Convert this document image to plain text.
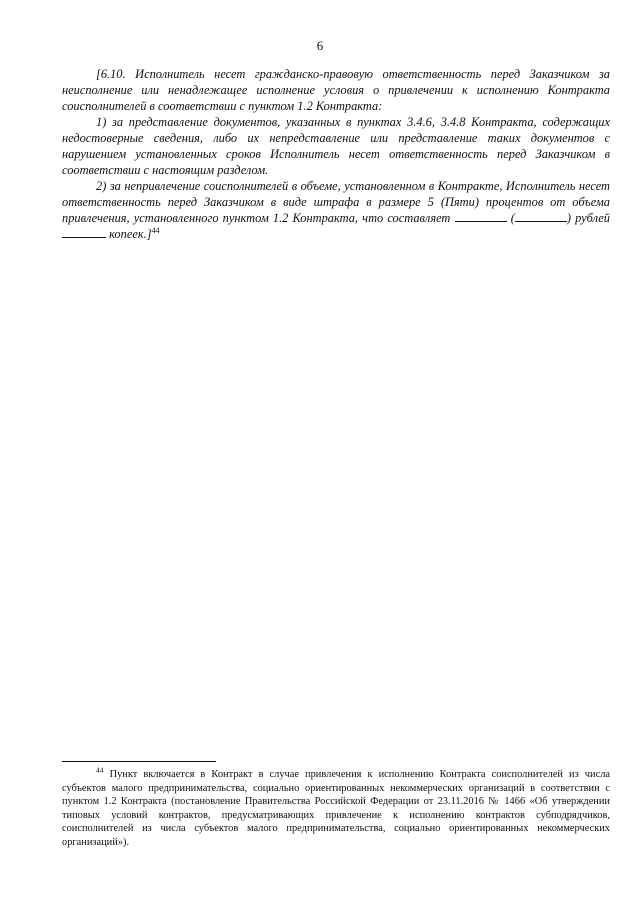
6

[6.10. Исполнитель несет гражданско-правовую ответственность перед Заказчиком за неисполнение или ненадлежащее исполнение условия о привлечении к исполнению Контракта соисполнителей в соответствии с пунктом 1.2 Контракта:

1) за представление документов, указанных в пунктах 3.4.6, 3.4.8 Контракта, содержащих недостоверные сведения, либо их непредставление или представление таких документов с нарушением установленных сроков Исполнитель несет ответственность перед Заказчиком в соответствии с настоящим разделом.

2) за непривлечение соисполнителей в объеме, установленном в Контракте, Исполнитель несет ответственность перед Заказчиком в виде штрафа в размере 5 (Пяти) процентов от объема привлечения, установленного пунктом 1.2 Контракта, что составляет	(	) рублей  копеек.]$^{44}$

$^{44}$ Пункт включается в Контракт в случае привлечения к исполнению Контракта соисполнителей из числа субъектов малого предпринимательства, социально ориентированных некоммерческих организаций в соответствии с пунктом 1.2 Контракта (постановление Правительства Российской Федерации от 23.11.2016 № 1466 «Об утверждении типовых условий контрактов, предусматривающих привлечение к исполнению контрактов субподрядчиков, соисполнителей из числа субъектов малого предпринимательства, социально ориентированных некоммерческих организаций»).
